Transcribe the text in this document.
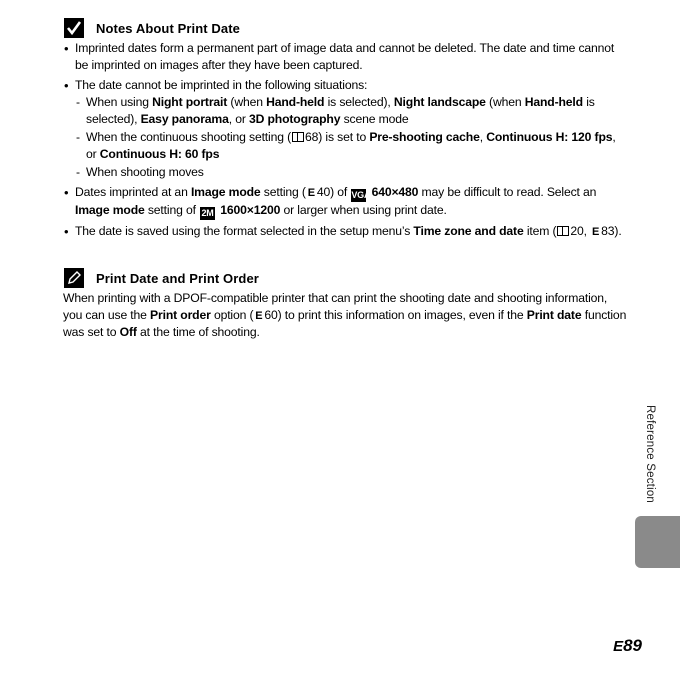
Notes About Print Date
• Imprinted dates form a permanent part of image data and cannot be deleted. The date and time cannot be imprinted on images after they have been captured.
• The date cannot be imprinted in the following situations:
- When using Night portrait (when Hand-held is selected), Night landscape (when Hand-held is selected), Easy panorama, or 3D photography scene mode
- When the continuous shooting setting ( 68) is set to Pre-shooting cache, Continuous H: 120 fps, or Continuous H: 60 fps
- When shooting moves
• Dates imprinted at an Image mode setting ( E 40) of VGA 640×480 may be difficult to read. Select an Image mode setting of 2M 1600×1200 or larger when using print date.
• The date is saved using the format selected in the setup menu’s Time zone and date item ( 20, E 83).
Print Date and Print Order
When printing with a DPOF-compatible printer that can print the shooting date and shooting information, you can use the Print order option ( E 60) to print this information on images, even if the Print date function was set to Off at the time of shooting.
Reference Section
E89
